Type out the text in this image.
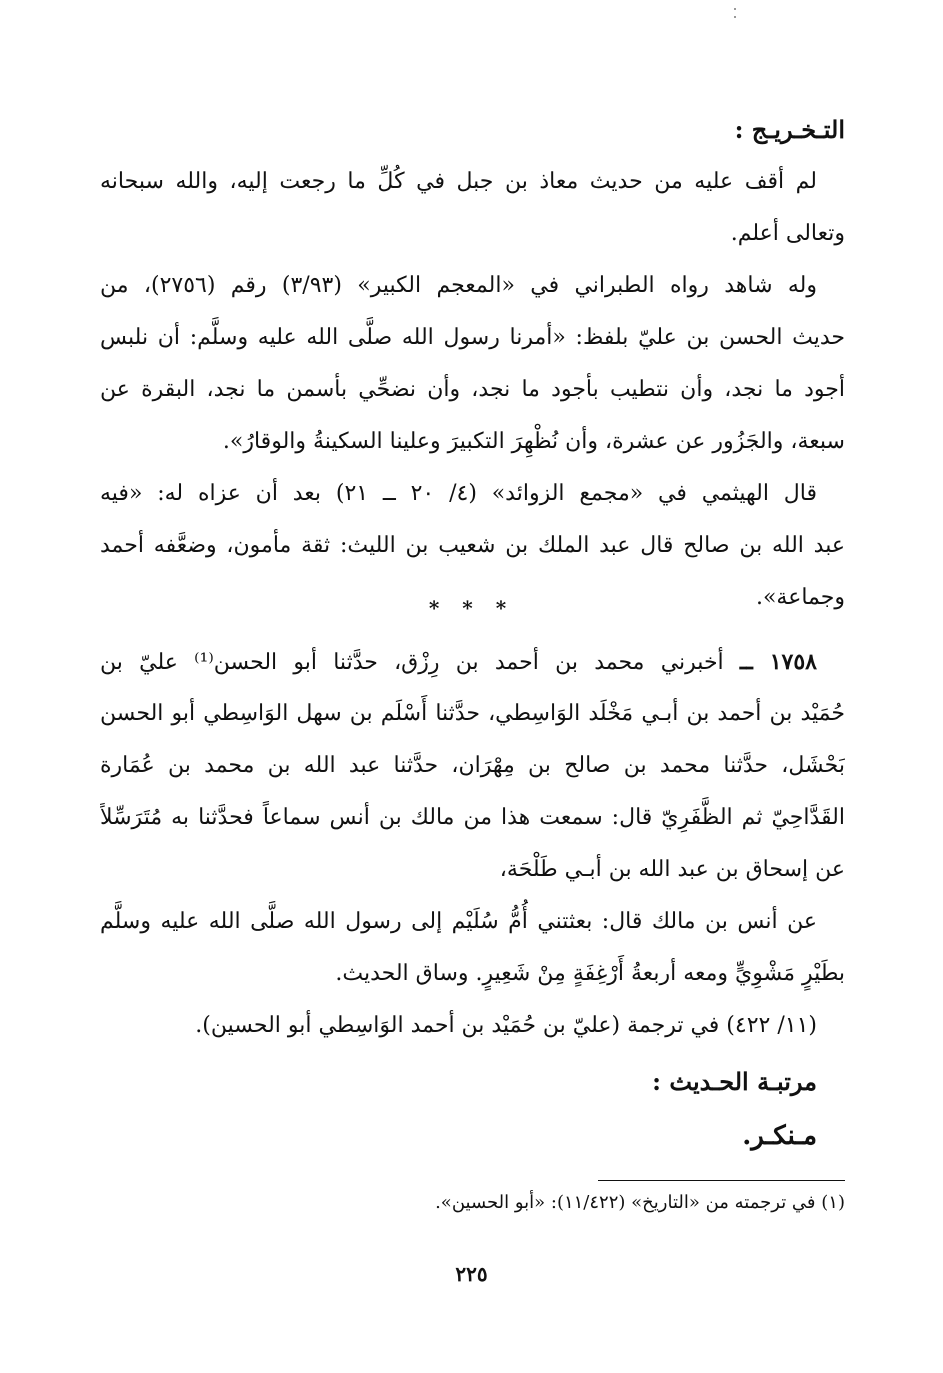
التـخـريـج :
لم أقف عليه من حديث معاذ بن جبل في كُلِّ ما رجعت إليه، والله سبحانه
وتعالى أعلم.
وله شاهد رواه الطبراني في «المعجم الكبير» (٣/٩٣) رقم (٢٧٥٦)، من
حديث الحسن بن عليّ بلفظ: «أمرنا رسول الله صلَّى الله عليه وسلَّم: أن نلبس
أجود ما نجد، وأن نتطيب بأجود ما نجد، وأن نضحِّي بأسمن ما نجد، البقرة عن
سبعة، والجَزُور عن عشرة، وأن نُظْهِرَ التكبيرَ وعلينا السكينةُ والوقارُ».
قال الهيثمي في «مجمع الزوائد» (٤/ ٢٠ ــ ٢١) بعد أن عزاه له: «فيه
عبد الله بن صالح قال عبد الملك بن شعيب بن الليث: ثقة مأمون، وضعَّفه أحمد
وجماعة».
* * *
١٧٥٨ ــ أخبرني محمد بن أحمد بن رِزْق، حدَّثنا أبو الحسن⁽¹⁾ عليّ بن
حُمَيْد بن أحمد بن أبـي مَخْلَد الوَاسِطي، حدَّثنا أَسْلَم بن سهل الوَاسِطي أبو الحسن
بَحْشَل، حدَّثنا محمد بن صالح بن مِهْرَان، حدَّثنا عبد الله بن محمد بن عُمَارة
القَدَّاحِيّ ثم الظَّفَرِيّ قال: سمعت هذا من مالك بن أنس سماعاً فحدَّثنا به مُتَرَسِّلاً
عن إسحاق بن عبد الله بن أبـي طَلْحَة،
عن أنس بن مالك قال: بعثتني أُمُّ سُلَيْم إلى رسول الله صلَّى الله عليه وسلَّم
بطَيْرٍ مَشْوِيٍّ ومعه أربعةُ أَرْغِفَةٍ مِنْ شَعِيرٍ. وساق الحديث.
(١١/ ٤٢٢) في ترجمة (عليّ بن حُمَيْد بن أحمد الوَاسِطي أبو الحسين).
مرتبـة الحـديث :
مـنكـر.
(١) في ترجمته من «التاريخ» (١١/٤٢٢): «أبو الحسين».
٢٢٥
